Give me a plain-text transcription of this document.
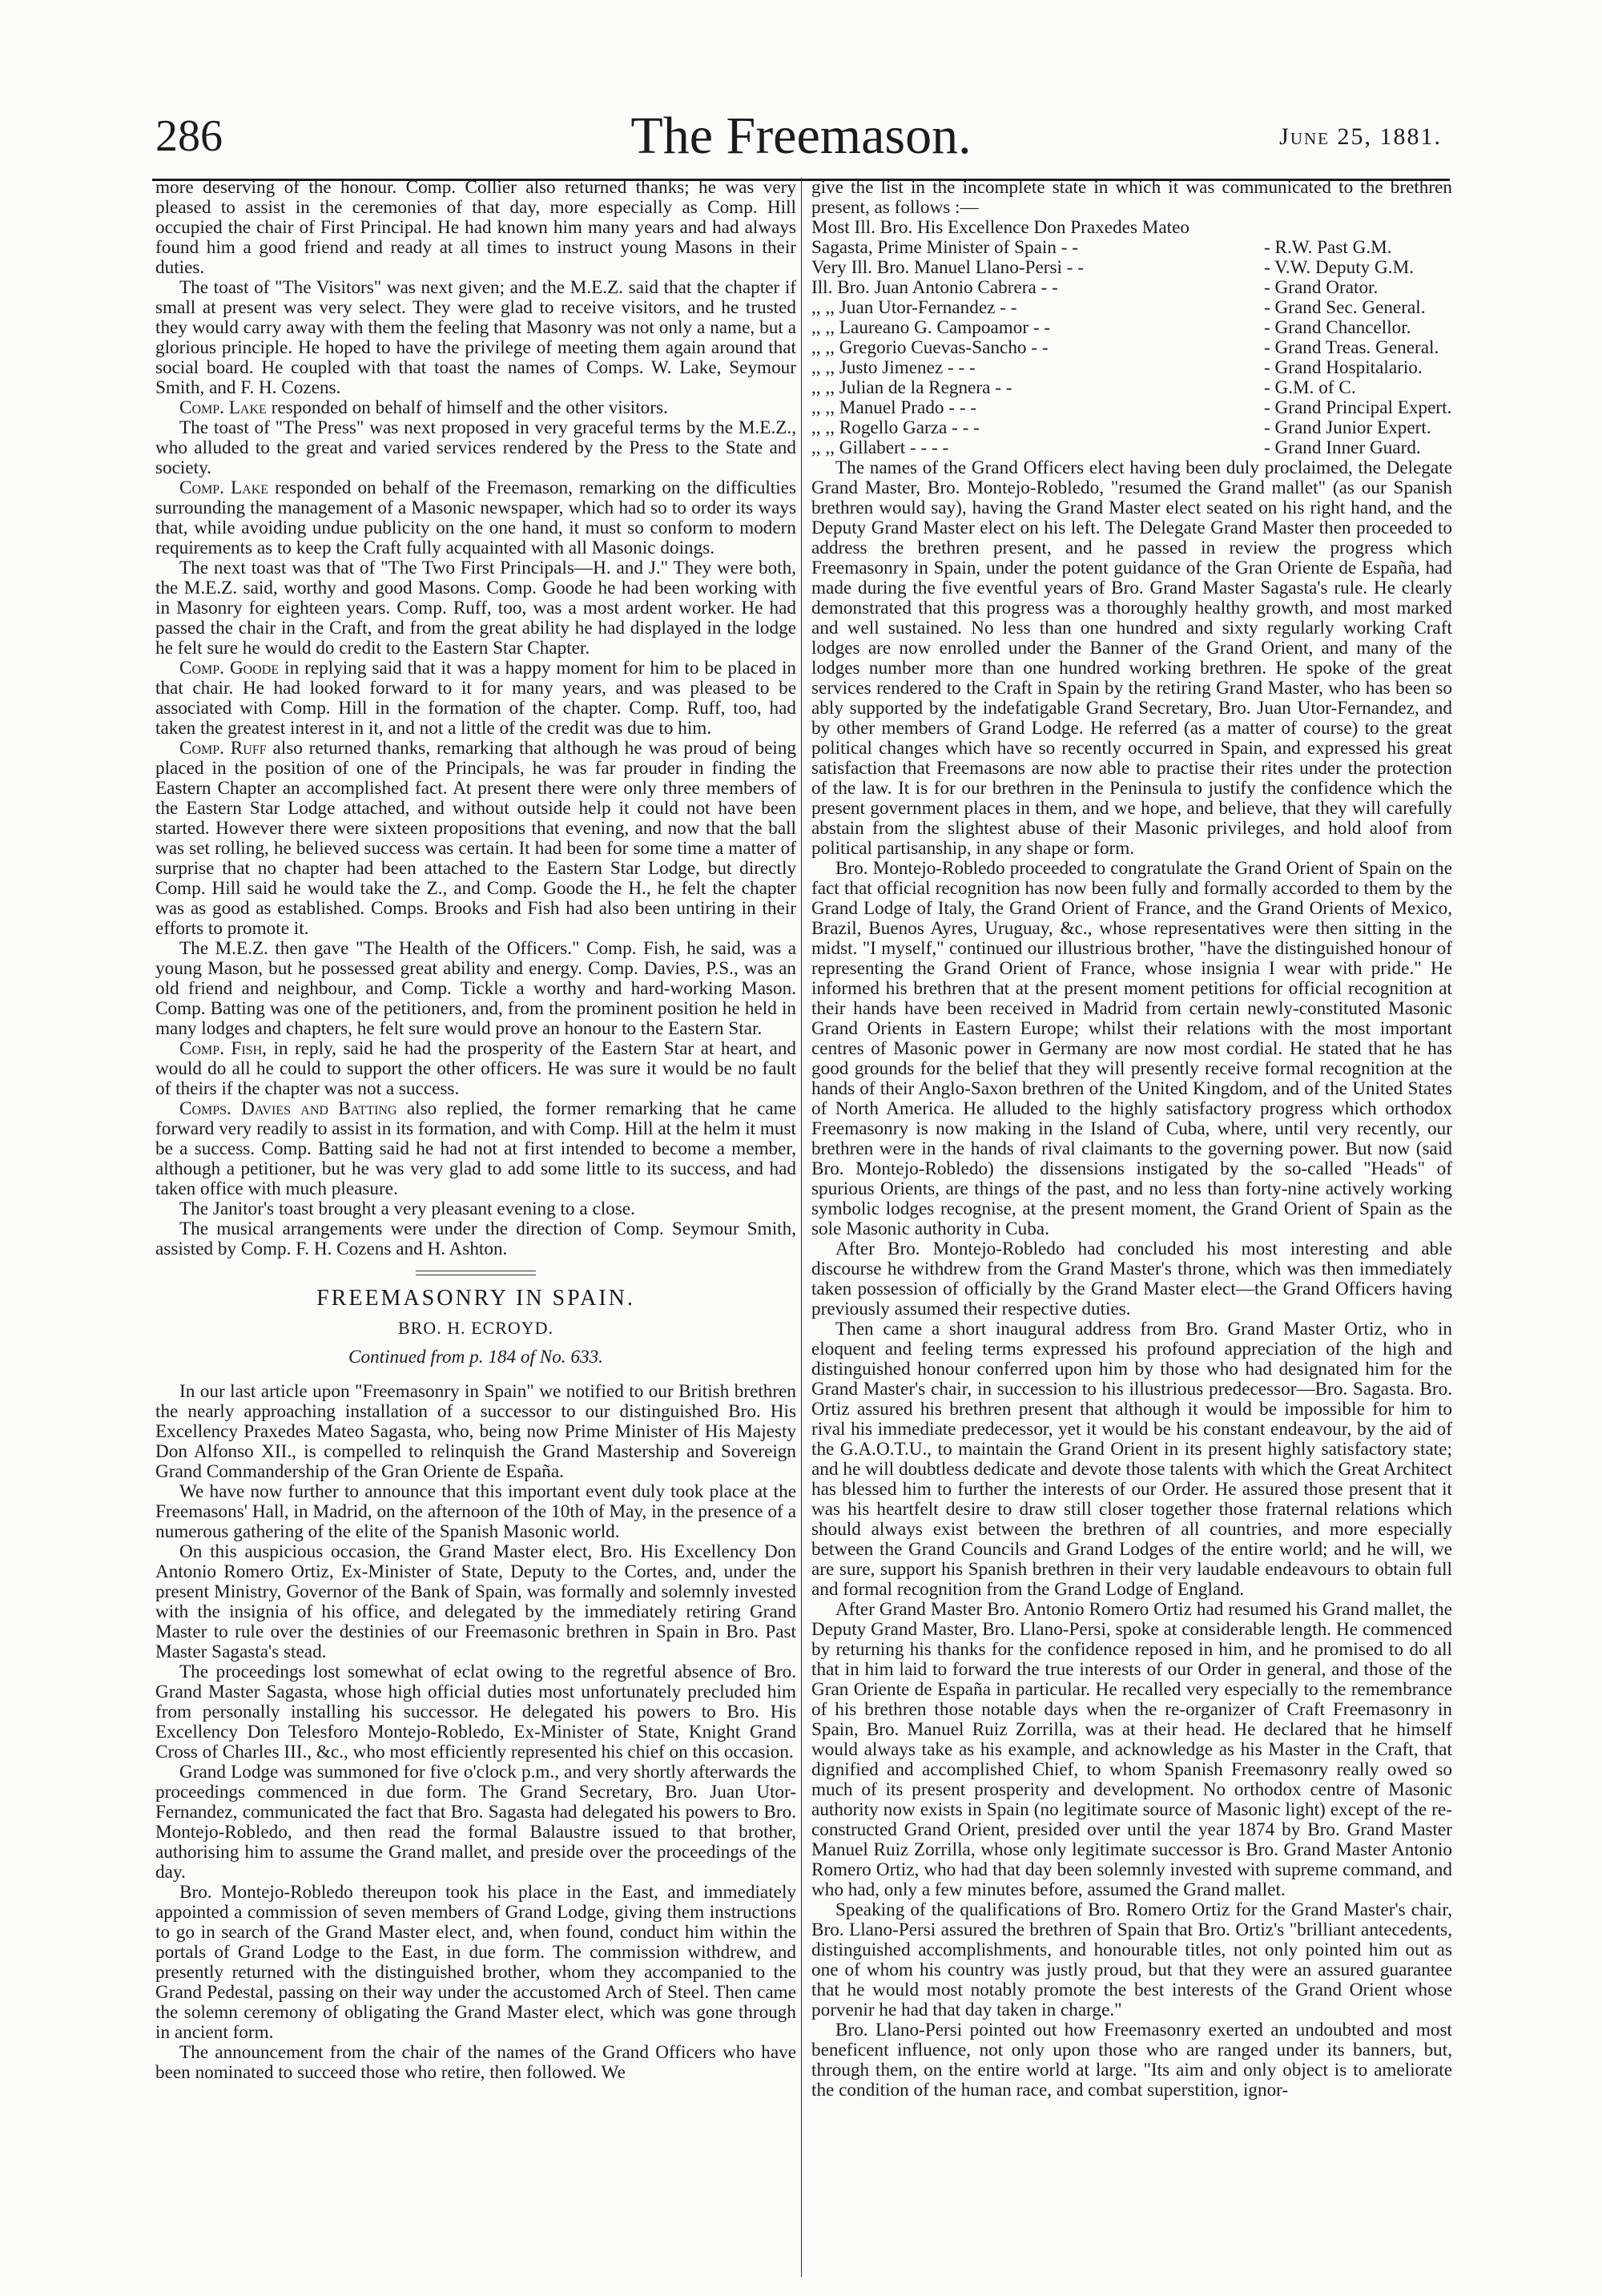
286	The Freemason.	June 25, 1881.

more deserving of the honour. Comp. Collier also returned thanks; he was very pleased to assist in the ceremonies of that day, more especially as Comp. Hill occupied the chair of First Principal. He had known him many years and had always found him a good friend and ready at all times to instruct young Masons in their duties.

The toast of "The Visitors" was next given; and the M.E.Z. said that the chapter if small at present was very select. They were glad to receive visitors, and he trusted they would carry away with them the feeling that Masonry was not only a name, but a glorious principle. He hoped to have the privilege of meeting them again around that social board. He coupled with that toast the names of Comps. W. Lake, Seymour Smith, and F. H. Cozens.

Comp. Lake responded on behalf of himself and the other visitors.

The toast of "The Press" was next proposed in very graceful terms by the M.E.Z., who alluded to the great and varied services rendered by the Press to the State and society.

Comp. Lake responded on behalf of the Freemason, remarking on the difficulties surrounding the management of a Masonic newspaper, which had so to order its ways that, while avoiding undue publicity on the one hand, it must so conform to modern requirements as to keep the Craft fully acquainted with all Masonic doings.

The next toast was that of "The Two First Principals—H. and J." They were both, the M.E.Z. said, worthy and good Masons. Comp. Goode he had been working with in Masonry for eighteen years. Comp. Ruff, too, was a most ardent worker. He had passed the chair in the Craft, and from the great ability he had displayed in the lodge he felt sure he would do credit to the Eastern Star Chapter.

Comp. Goode in replying said that it was a happy moment for him to be placed in that chair. He had looked forward to it for many years, and was pleased to be associated with Comp. Hill in the formation of the chapter. Comp. Ruff, too, had taken the greatest interest in it, and not a little of the credit was due to him.

Comp. Ruff also returned thanks, remarking that although he was proud of being placed in the position of one of the Principals, he was far prouder in finding the Eastern Chapter an accomplished fact. At present there were only three members of the Eastern Star Lodge attached, and without outside help it could not have been started. However there were sixteen propositions that evening, and now that the ball was set rolling, he believed success was certain. It had been for some time a matter of surprise that no chapter had been attached to the Eastern Star Lodge, but directly Comp. Hill said he would take the Z., and Comp. Goode the H., he felt the chapter was as good as established. Comps. Brooks and Fish had also been untiring in their efforts to promote it.

The M.E.Z. then gave "The Health of the Officers." Comp. Fish, he said, was a young Mason, but he possessed great ability and energy. Comp. Davies, P.S., was an old friend and neighbour, and Comp. Tickle a worthy and hard-working Mason. Comp. Batting was one of the petitioners, and, from the prominent position he held in many lodges and chapters, he felt sure would prove an honour to the Eastern Star.

Comp. Fish, in reply, said he had the prosperity of the Eastern Star at heart, and would do all he could to support the other officers. He was sure it would be no fault of theirs if the chapter was not a success.

Comps. Davies and Batting also replied, the former remarking that he came forward very readily to assist in its formation, and with Comp. Hill at the helm it must be a success. Comp. Batting said he had not at first intended to become a member, although a petitioner, but he was very glad to add some little to its success, and had taken office with much pleasure.

The Janitor's toast brought a very pleasant evening to a close.

The musical arrangements were under the direction of Comp. Seymour Smith, assisted by Comp. F. H. Cozens and H. Ashton.

FREEMASONRY IN SPAIN.
BRO. H. ECROYD.
Continued from p. 184 of No. 633.

In our last article upon "Freemasonry in Spain" we notified to our British brethren the nearly approaching installation of a successor to our distinguished Bro. His Excellency Praxedes Mateo Sagasta, who, being now Prime Minister of His Majesty Don Alfonso XII., is compelled to relinquish the Grand Mastership and Sovereign Grand Commandership of the Gran Oriente de España.

We have now further to announce that this important event duly took place at the Freemasons' Hall, in Madrid, on the afternoon of the 10th of May, in the presence of a numerous gathering of the elite of the Spanish Masonic world.

On this auspicious occasion, the Grand Master elect, Bro. His Excellency Don Antonio Romero Ortiz, Ex-Minister of State, Deputy to the Cortes, and, under the present Ministry, Governor of the Bank of Spain, was formally and solemnly invested with the insignia of his office, and delegated by the immediately retiring Grand Master to rule over the destinies of our Freemasonic brethren in Spain in Bro. Past Master Sagasta's stead.

The proceedings lost somewhat of eclat owing to the regretful absence of Bro. Grand Master Sagasta, whose high official duties most unfortunately precluded him from personally installing his successor. He delegated his powers to Bro. His Excellency Don Telesforo Montejo-Robledo, Ex-Minister of State, Knight Grand Cross of Charles III., &c., who most efficiently represented his chief on this occasion.

Grand Lodge was summoned for five o'clock p.m., and very shortly afterwards the proceedings commenced in due form. The Grand Secretary, Bro. Juan Utor-Fernandez, communicated the fact that Bro. Sagasta had delegated his powers to Bro. Montejo-Robledo, and then read the formal Balaustre issued to that brother, authorising him to assume the Grand mallet, and preside over the proceedings of the day.

Bro. Montejo-Robledo thereupon took his place in the East, and immediately appointed a commission of seven members of Grand Lodge, giving them instructions to go in search of the Grand Master elect, and, when found, conduct him within the portals of Grand Lodge to the East, in due form. The commission withdrew, and presently returned with the distinguished brother, whom they accompanied to the Grand Pedestal, passing on their way under the accustomed Arch of Steel. Then came the solemn ceremony of obligating the Grand Master elect, which was gone through in ancient form.

The announcement from the chair of the names of the Grand Officers who have been nominated to succeed those who retire, then followed. We

give the list in the incomplete state in which it was communicated to the brethren present, as follows :—

Most Ill. Bro. His Excellence Don Praxedes Mateo
Sagasta, Prime Minister of Spain - -	- R.W. Past G.M.
Very Ill. Bro. Manuel Llano-Persi - -	- V.W. Deputy G.M.
Ill. Bro. Juan Antonio Cabrera - -	- Grand Orator.
,, ,, Juan Utor-Fernandez - -	- Grand Sec. General.
,, ,, Laureano G. Campoamor - -	- Grand Chancellor.
,, ,, Gregorio Cuevas-Sancho - -	- Grand Treas. General.
,, ,, Justo Jimenez - - -	- Grand Hospitalario.
,, ,, Julian de la Regnera - -	- G.M. of C.
,, ,, Manuel Prado - - -	- Grand Principal Expert.
,, ,, Rogello Garza - - -	- Grand Junior Expert.
,, ,, Gillabert - - - -	- Grand Inner Guard.

The names of the Grand Officers elect having been duly proclaimed, the Delegate Grand Master, Bro. Montejo-Robledo, "resumed the Grand mallet" (as our Spanish brethren would say), having the Grand Master elect seated on his right hand, and the Deputy Grand Master elect on his left. The Delegate Grand Master then proceeded to address the brethren present, and he passed in review the progress which Freemasonry in Spain, under the potent guidance of the Gran Oriente de España, had made during the five eventful years of Bro. Grand Master Sagasta's rule. He clearly demonstrated that this progress was a thoroughly healthy growth, and most marked and well sustained. No less than one hundred and sixty regularly working Craft lodges are now enrolled under the Banner of the Grand Orient, and many of the lodges number more than one hundred working brethren. He spoke of the great services rendered to the Craft in Spain by the retiring Grand Master, who has been so ably supported by the indefatigable Grand Secretary, Bro. Juan Utor-Fernandez, and by other members of Grand Lodge. He referred (as a matter of course) to the great political changes which have so recently occurred in Spain, and expressed his great satisfaction that Freemasons are now able to practise their rites under the protection of the law. It is for our brethren in the Peninsula to justify the confidence which the present government places in them, and we hope, and believe, that they will carefully abstain from the slightest abuse of their Masonic privileges, and hold aloof from political partisanship, in any shape or form.

Bro. Montejo-Robledo proceeded to congratulate the Grand Orient of Spain on the fact that official recognition has now been fully and formally accorded to them by the Grand Lodge of Italy, the Grand Orient of France, and the Grand Orients of Mexico, Brazil, Buenos Ayres, Uruguay, &c., whose representatives were then sitting in the midst. "I myself," continued our illustrious brother, "have the distinguished honour of representing the Grand Orient of France, whose insignia I wear with pride." He informed his brethren that at the present moment petitions for official recognition at their hands have been received in Madrid from certain newly-constituted Masonic Grand Orients in Eastern Europe; whilst their relations with the most important centres of Masonic power in Germany are now most cordial. He stated that he has good grounds for the belief that they will presently receive formal recognition at the hands of their Anglo-Saxon brethren of the United Kingdom, and of the United States of North America. He alluded to the highly satisfactory progress which orthodox Freemasonry is now making in the Island of Cuba, where, until very recently, our brethren were in the hands of rival claimants to the governing power. But now (said Bro. Montejo-Robledo) the dissensions instigated by the so-called "Heads" of spurious Orients, are things of the past, and no less than forty-nine actively working symbolic lodges recognise, at the present moment, the Grand Orient of Spain as the sole Masonic authority in Cuba.

After Bro. Montejo-Robledo had concluded his most interesting and able discourse he withdrew from the Grand Master's throne, which was then immediately taken possession of officially by the Grand Master elect—the Grand Officers having previously assumed their respective duties.

Then came a short inaugural address from Bro. Grand Master Ortiz, who in eloquent and feeling terms expressed his profound appreciation of the high and distinguished honour conferred upon him by those who had designated him for the Grand Master's chair, in succession to his illustrious predecessor—Bro. Sagasta. Bro. Ortiz assured his brethren present that although it would be impossible for him to rival his immediate predecessor, yet it would be his constant endeavour, by the aid of the G.A.O.T.U., to maintain the Grand Orient in its present highly satisfactory state; and he will doubtless dedicate and devote those talents with which the Great Architect has blessed him to further the interests of our Order. He assured those present that it was his heartfelt desire to draw still closer together those fraternal relations which should always exist between the brethren of all countries, and more especially between the Grand Councils and Grand Lodges of the entire world; and he will, we are sure, support his Spanish brethren in their very laudable endeavours to obtain full and formal recognition from the Grand Lodge of England.

After Grand Master Bro. Antonio Romero Ortiz had resumed his Grand mallet, the Deputy Grand Master, Bro. Llano-Persi, spoke at considerable length. He commenced by returning his thanks for the confidence reposed in him, and he promised to do all that in him laid to forward the true interests of our Order in general, and those of the Gran Oriente de España in particular. He recalled very especially to the remembrance of his brethren those notable days when the re-organizer of Craft Freemasonry in Spain, Bro. Manuel Ruiz Zorrilla, was at their head. He declared that he himself would always take as his example, and acknowledge as his Master in the Craft, that dignified and accomplished Chief, to whom Spanish Freemasonry really owed so much of its present prosperity and development. No orthodox centre of Masonic authority now exists in Spain (no legitimate source of Masonic light) except of the re-constructed Grand Orient, presided over until the year 1874 by Bro. Grand Master Manuel Ruiz Zorrilla, whose only legitimate successor is Bro. Grand Master Antonio Romero Ortiz, who had that day been solemnly invested with supreme command, and who had, only a few minutes before, assumed the Grand mallet.

Speaking of the qualifications of Bro. Romero Ortiz for the Grand Master's chair, Bro. Llano-Persi assured the brethren of Spain that Bro. Ortiz's "brilliant antecedents, distinguished accomplishments, and honourable titles, not only pointed him out as one of whom his country was justly proud, but that they were an assured guarantee that he would most notably promote the best interests of the Grand Orient whose porvenir he had that day taken in charge."

Bro. Llano-Persi pointed out how Freemasonry exerted an undoubted and most beneficent influence, not only upon those who are ranged under its banners, but, through them, on the entire world at large. "Its aim and only object is to ameliorate the condition of the human race, and combat superstition, ignor-
